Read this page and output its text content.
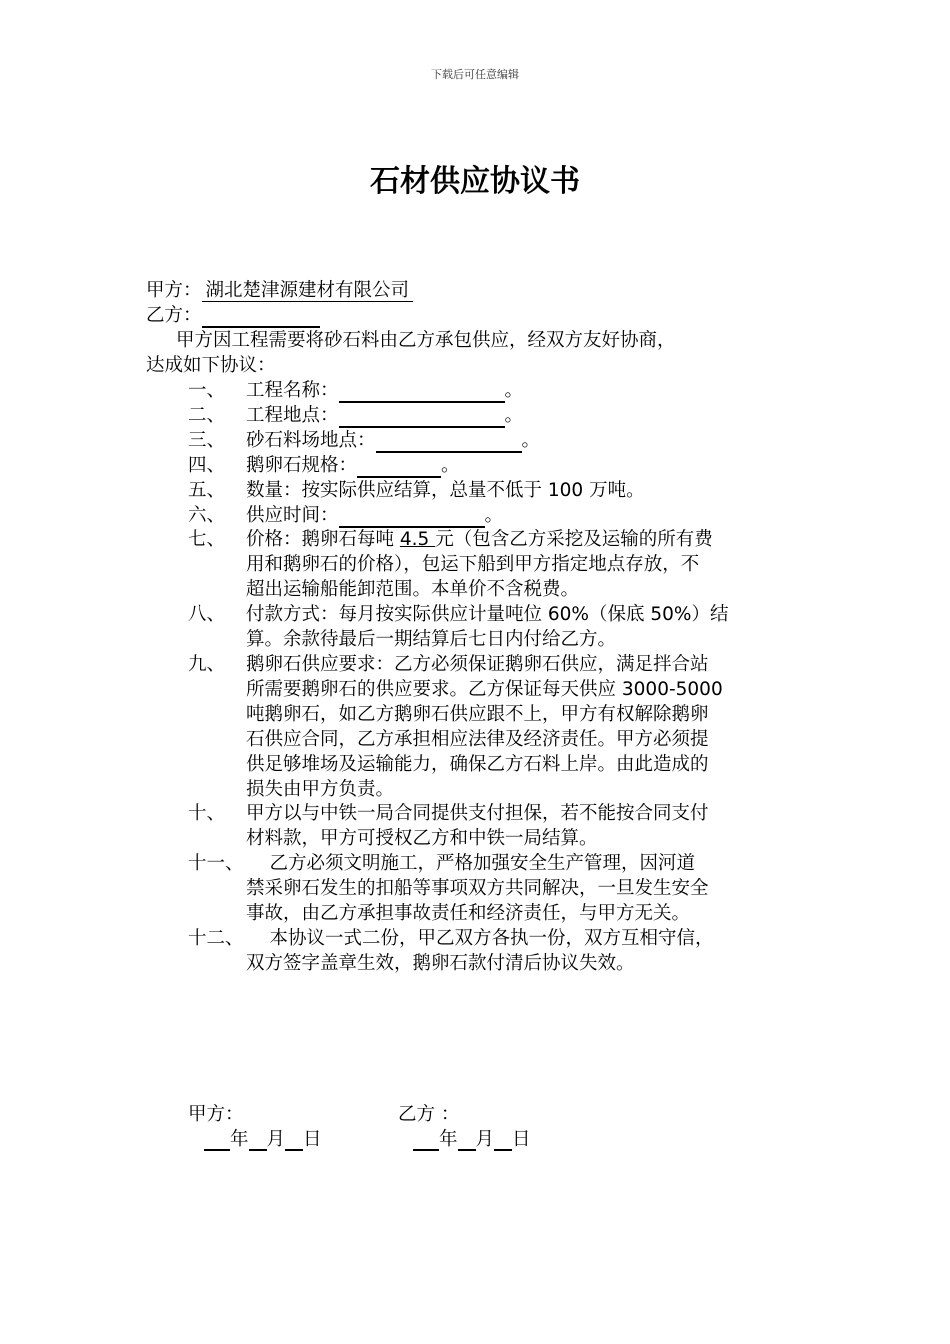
下载后可任意编辑
石材供应协议书
甲方： 湖北楚津源建材有限公司
乙方：
甲方因工程需要将砂石料由乙方承包供应，经双方友好协商，
达成如下协议：
一、 工程名称：	。
二、 工程地点：	。
三、 砂石料场地点：	。
四、 鹅卵石规格：	。
五、 数量：按实际供应结算，总量不低于 100 万吨。
六、 供应时间：	。
七、 价格：鹅卵石每吨 4.5 元（包含乙方采挖及运输的所有费
用和鹅卵石的价格），包运下船到甲方指定地点存放，不
超出运输船能卸范围。本单价不含税费。
八、 付款方式：每月按实际供应计量吨位 60%（保底 50%）结
算。余款待最后一期结算后七日内付给乙方。
九、 鹅卵石供应要求：乙方必须保证鹅卵石供应，满足拌合站
所需要鹅卵石的供应要求。乙方保证每天供应 3000-5000
吨鹅卵石，如乙方鹅卵石供应跟不上，甲方有权解除鹅卵
石供应合同，乙方承担相应法律及经济责任。甲方必须提
供足够堆场及运输能力，确保乙方石料上岸。由此造成的
损失由甲方负责。
十、 甲方以与中铁一局合同提供支付担保，若不能按合同支付
材料款，甲方可授权乙方和中铁一局结算。
十一、 乙方必须文明施工，严格加强安全生产管理，因河道
禁采卵石发生的扣船等事项双方共同解决，一旦发生安全
事故，由乙方承担事故责任和经济责任，与甲方无关。
十二、 本协议一式二份，甲乙双方各执一份，双方互相守信，
双方签字盖章生效，鹅卵石款付清后协议失效。
甲方：	乙方 ：
年 月 日	年 月 日
